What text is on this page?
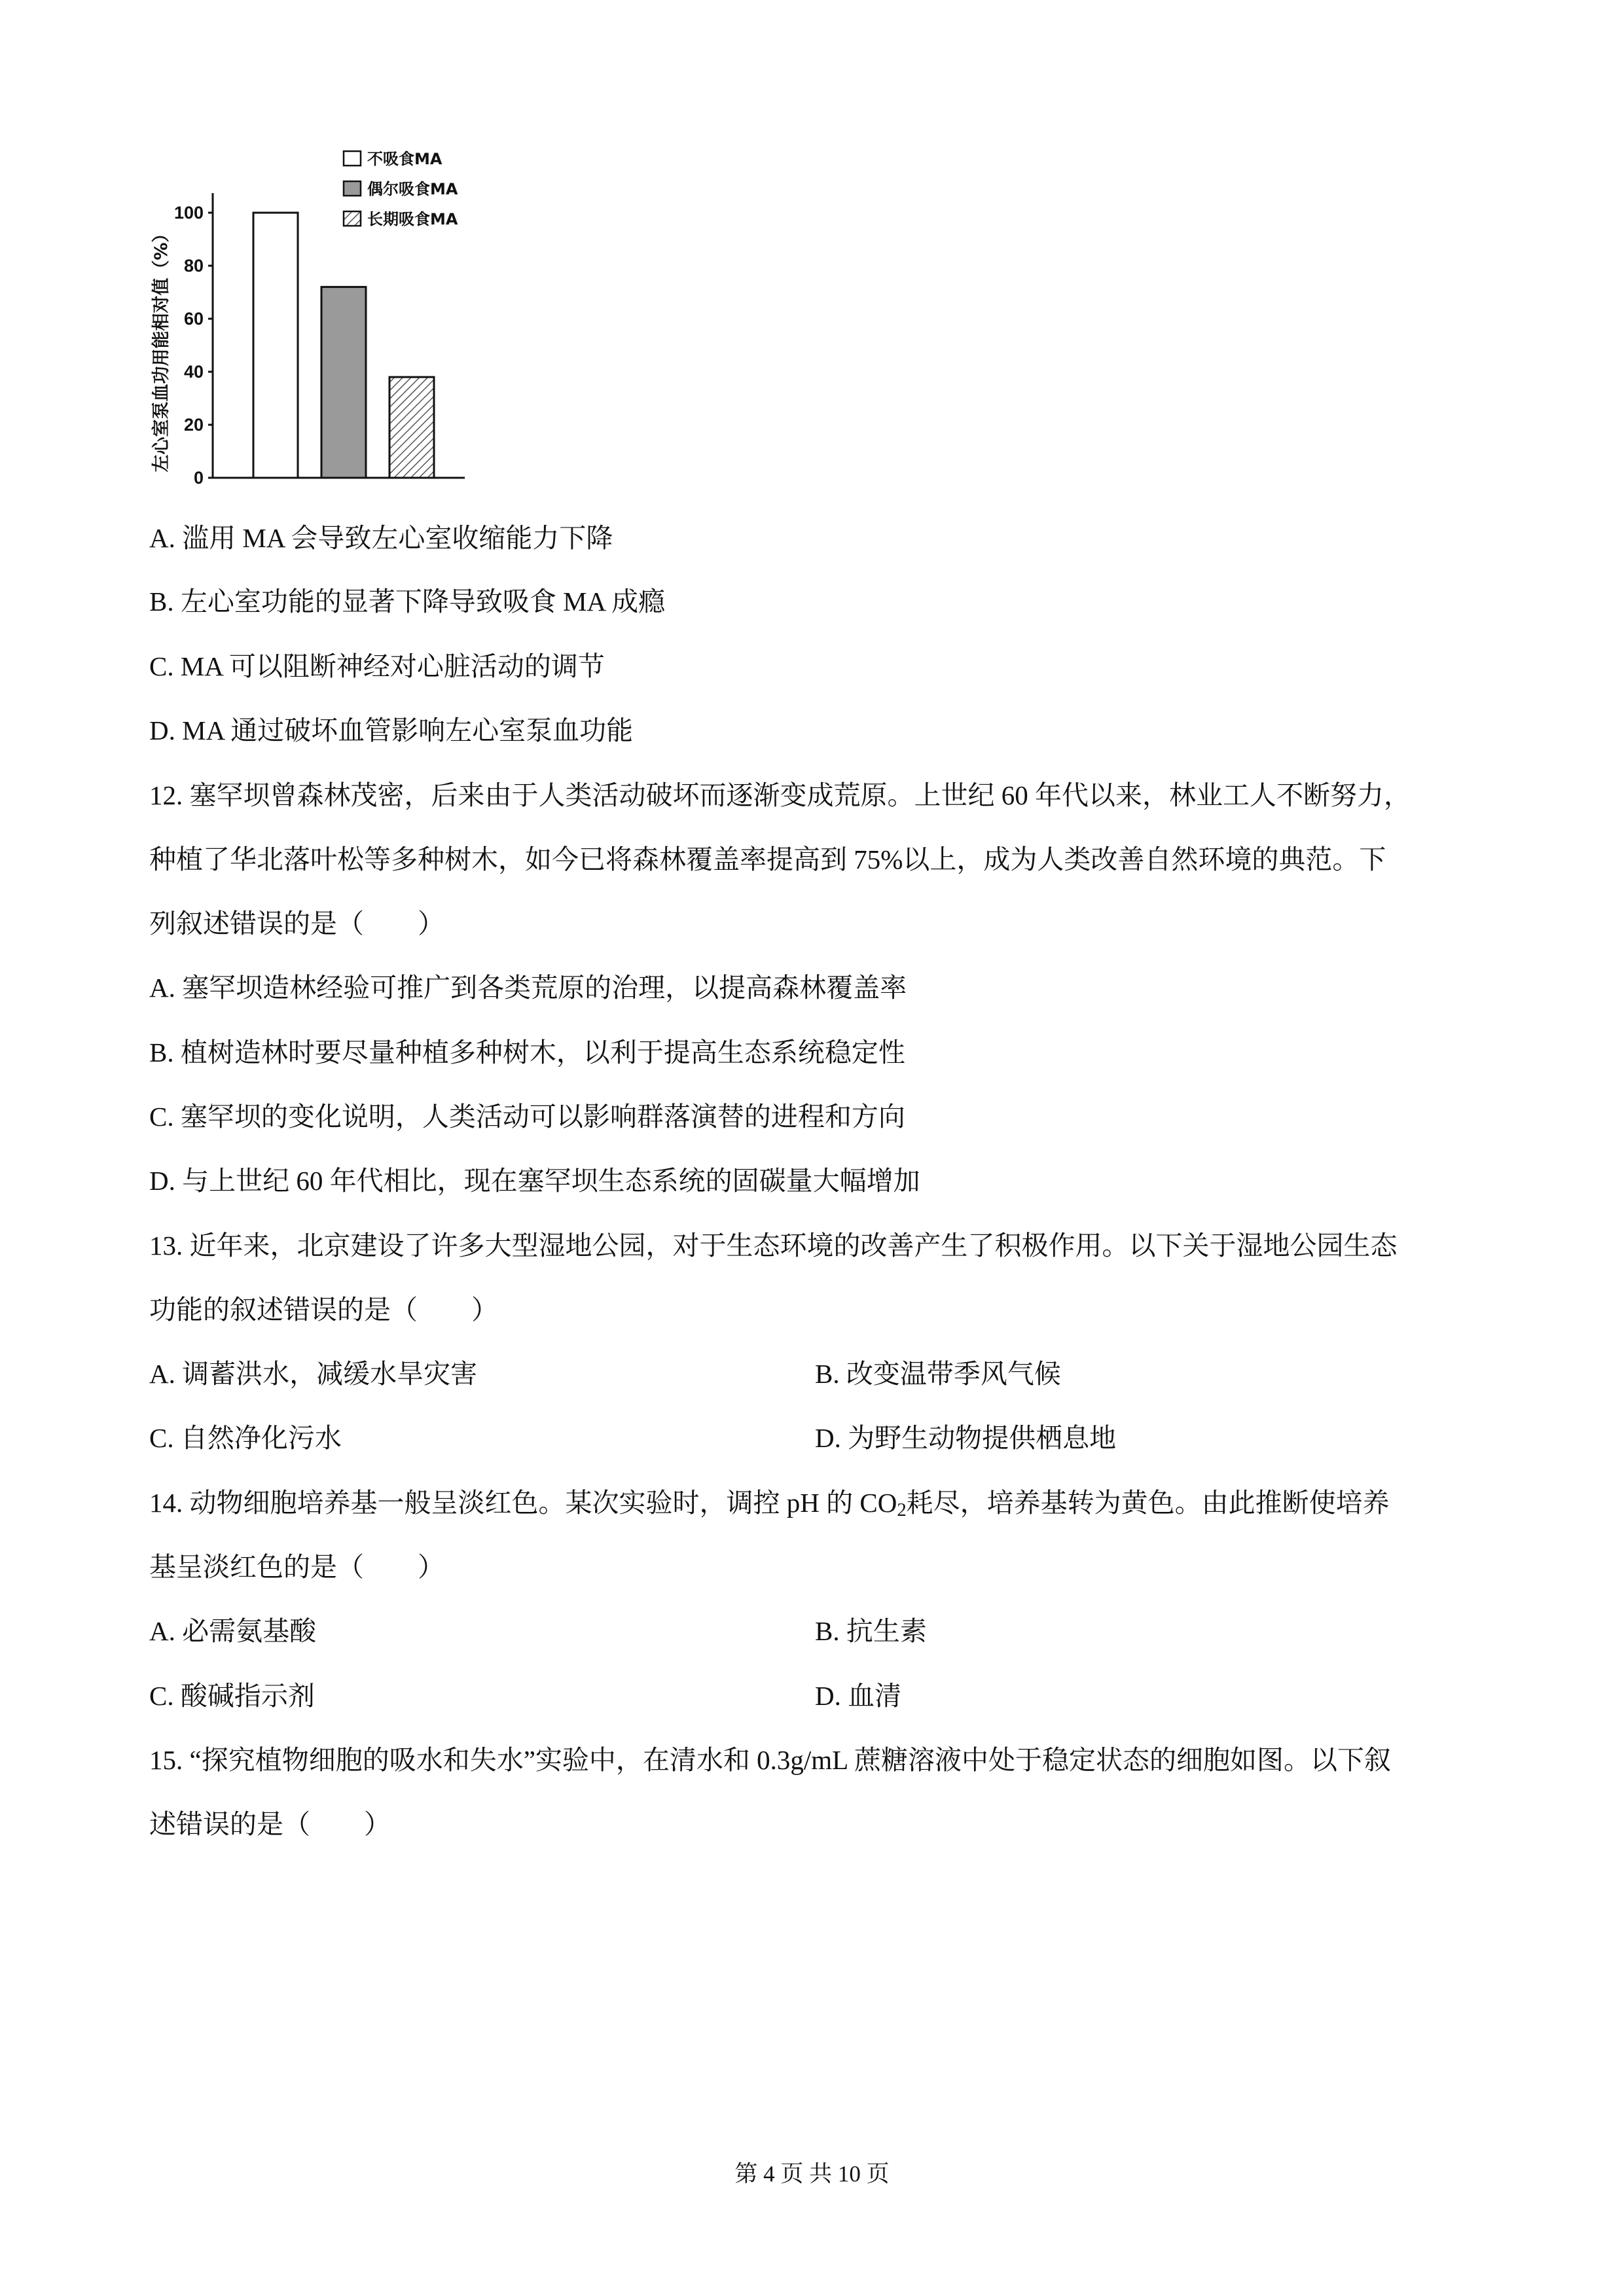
0
20
40
60
80
100
左心室泵血功用能相对值（%）
不吸食MA
偶尔吸食MA
长期吸食MA
A. 滥用 MA 会导致左心室收缩能力下降
B. 左心室功能的显著下降导致吸食 MA 成瘾
C. MA 可以阻断神经对心脏活动的调节
D. MA 通过破坏血管影响左心室泵血功能
12. 塞罕坝曾森林茂密，后来由于人类活动破坏而逐渐变成荒原。上世纪 60 年代以来，林业工人不断努力，
种植了华北落叶松等多种树木，如今已将森林覆盖率提高到 75%以上，成为人类改善自然环境的典范。下
列叙述错误的是（　　）
A. 塞罕坝造林经验可推广到各类荒原的治理，以提高森林覆盖率
B. 植树造林时要尽量种植多种树木，以利于提高生态系统稳定性
C. 塞罕坝的变化说明，人类活动可以影响群落演替的进程和方向
D. 与上世纪 60 年代相比，现在塞罕坝生态系统的固碳量大幅增加
13. 近年来，北京建设了许多大型湿地公园，对于生态环境的改善产生了积极作用。以下关于湿地公园生态
功能的叙述错误的是（　　）
A. 调蓄洪水，减缓水旱灾害	B. 改变温带季风气候
C. 自然净化污水	D. 为野生动物提供栖息地
14. 动物细胞培养基一般呈淡红色。某次实验时，调控 pH 的 $CO_2$耗尽，培养基转为黄色。由此推断使培养
基呈淡红色的是（　　）
A. 必需氨基酸	B. 抗生素
C. 酸碱指示剂	D. 血清
15. “探究植物细胞的吸水和失水”实验中，在清水和 0.3g/mL 蔗糖溶液中处于稳定状态的细胞如图。以下叙
述错误的是（　　）
第 4 页 共 10 页
